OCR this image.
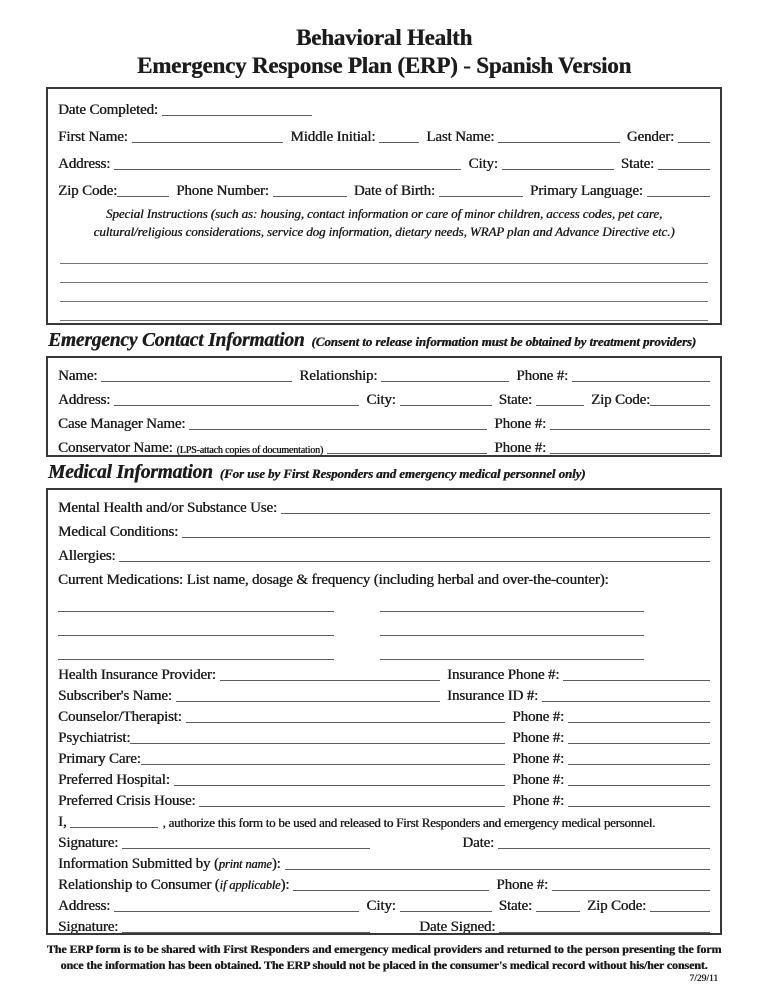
Behavioral Health
Emergency Response Plan (ERP) - Spanish Version
Date Completed:
First Name:	Middle Initial:	Last Name:	Gender:
Address:	City:	State:
Zip Code:	Phone Number:	Date of Birth:	Primary Language:
Special Instructions (such as: housing, contact information or care of minor children, access codes, pet care,
cultural/religious considerations, service dog information, dietary needs, WRAP plan and Advance Directive etc.)
Emergency Contact Information (Consent to release information must be obtained by treatment providers)
Name:	Relationship:	Phone #:
Address:	City:	State:	Zip Code:
Case Manager Name:	Phone #:
Conservator Name: (LPS-attach copies of documentation)	Phone #:
Medical Information (For use by First Responders and emergency medical personnel only)
Mental Health and/or Substance Use:
Medical Conditions:
Allergies:
Current Medications: List name, dosage & frequency (including herbal and over-the-counter):
Health Insurance Provider:	Insurance Phone #:
Subscriber's Name:	Insurance ID #:
Counselor/Therapist:	Phone #:
Psychiatrist:	Phone #:
Primary Care:	Phone #:
Preferred Hospital:	Phone #:
Preferred Crisis House:	Phone #:
I,	, authorize this form to be used and released to First Responders and emergency medical personnel.
Signature:	Date:
Information Submitted by ( print name ):
Relationship to Consumer ( if applicable ):	Phone #:
Address:	City:	State:	Zip Code:
Signature:	Date Signed:
The ERP form is to be shared with First Responders and emergency medical providers and returned to the person presenting the form
once the information has been obtained. The ERP should not be placed in the consumer's medical record without his/her consent.
7/29/11
